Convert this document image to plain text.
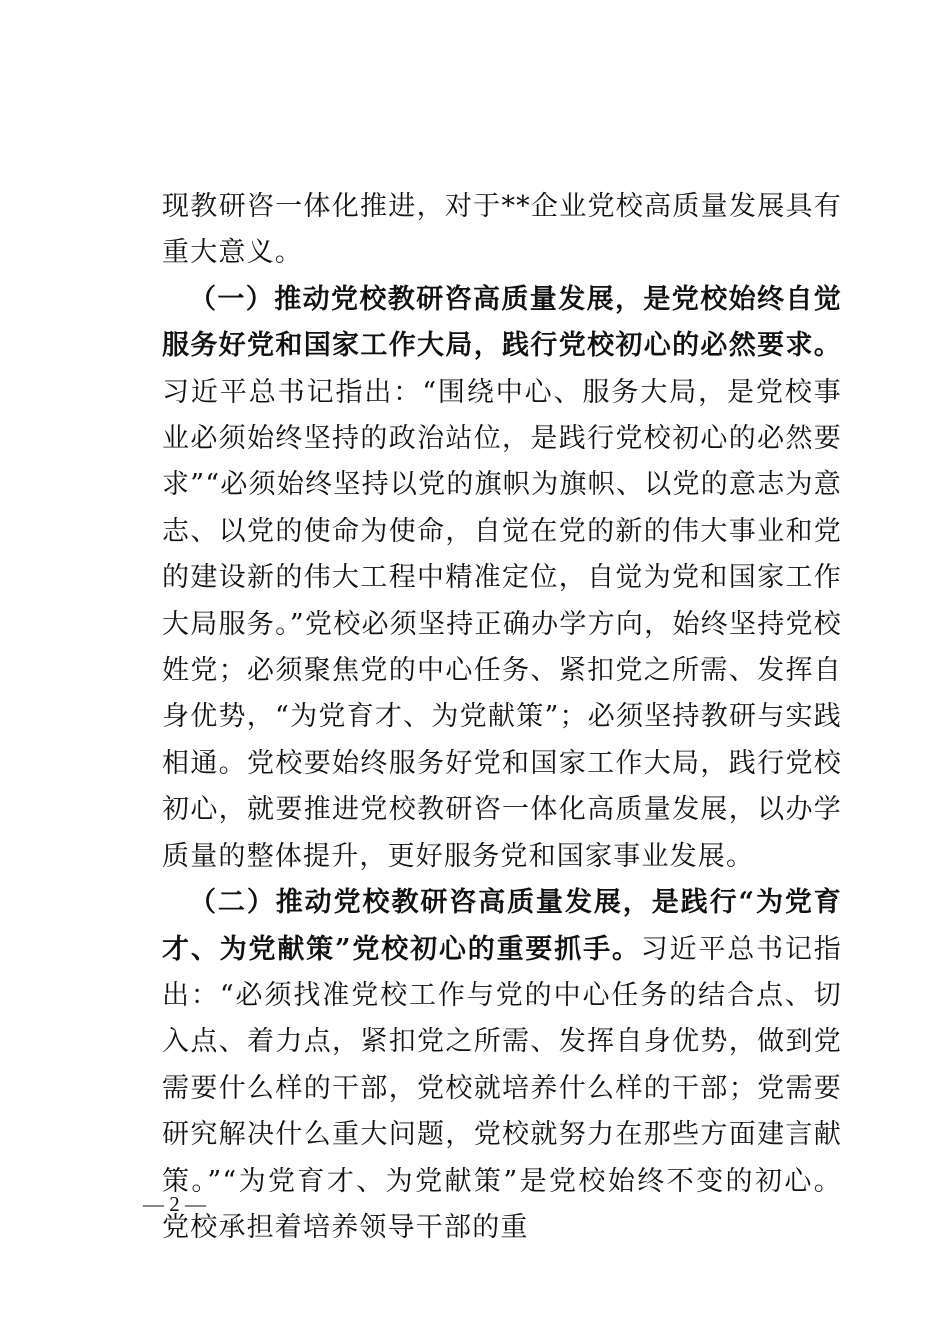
现教研咨一体化推进，对于**企业党校高质量发展具有重大意义。

（一）推动党校教研咨高质量发展，是党校始终自觉服务好党和国家工作大局，践行党校初心的必然要求。习近平总书记指出：“围绕中心、服务大局，是党校事业必须始终坚持的政治站位，是践行党校初心的必然要求”“必须始终坚持以党的旗帜为旗帜、以党的意志为意志、以党的使命为使命，自觉在党的新的伟大事业和党的建设新的伟大工程中精准定位，自觉为党和国家工作大局服务。”党校必须坚持正确办学方向，始终坚持党校姓党；必须聚焦党的中心任务、紧扣党之所需、发挥自身优势，“为党育才、为党献策”；必须坚持教研与实践相通。党校要始终服务好党和国家工作大局，践行党校初心，就要推进党校教研咨一体化高质量发展，以办学质量的整体提升，更好服务党和国家事业发展。

（二）推动党校教研咨高质量发展，是践行“为党育才、为党献策”党校初心的重要抓手。习近平总书记指出：“必须找准党校工作与党的中心任务的结合点、切入点、着力点，紧扣党之所需、发挥自身优势，做到党需要什么样的干部，党校就培养什么样的干部；党需要研究解决什么重大问题，党校就努力在那些方面建言献策。”“为党育才、为党献策”是党校始终不变的初心。党校承担着培养领导干部的重

— 2 —
